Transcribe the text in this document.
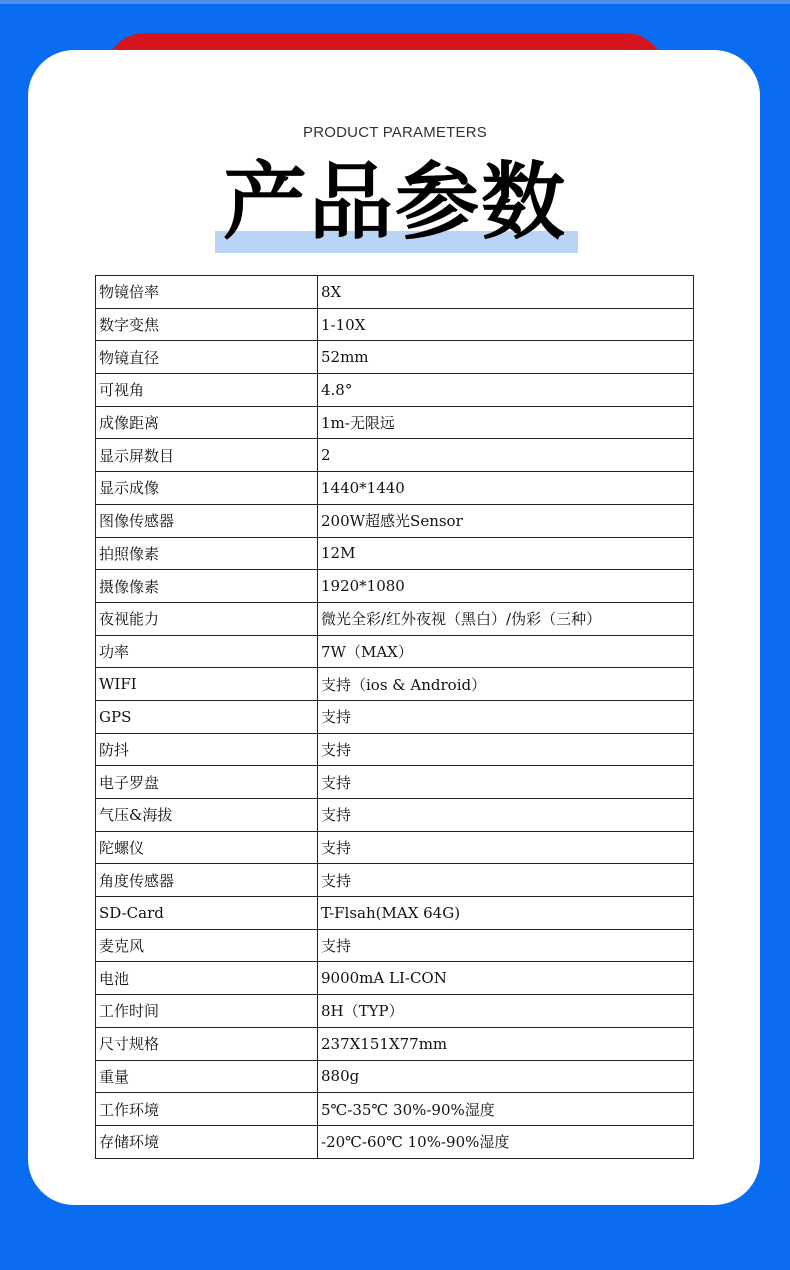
PRODUCT PARAMETERS
产品参数
物镜倍率	8X
数字变焦	1-10X
物镜直径	52mm
可视角	4.8°
成像距离	1m-无限远
显示屏数目	2
显示成像	1440*1440
图像传感器	200W超感光Sensor
拍照像素	12M
摄像像素	1920*1080
夜视能力	微光全彩/红外夜视（黑白）/伪彩（三种）
功率	7W（MAX）
WIFI	支持（ios & Android）
GPS	支持
防抖	支持
电子罗盘	支持
气压&海拔	支持
陀螺仪	支持
角度传感器	支持
SD-Card	T-Flsah(MAX 64G)
麦克风	支持
电池	9000mA LI-CON
工作时间	8H（TYP）
尺寸规格	237X151X77mm
重量	880g
工作环境	5℃-35℃ 30%-90%湿度
存储环境	-20℃-60℃ 10%-90%湿度
